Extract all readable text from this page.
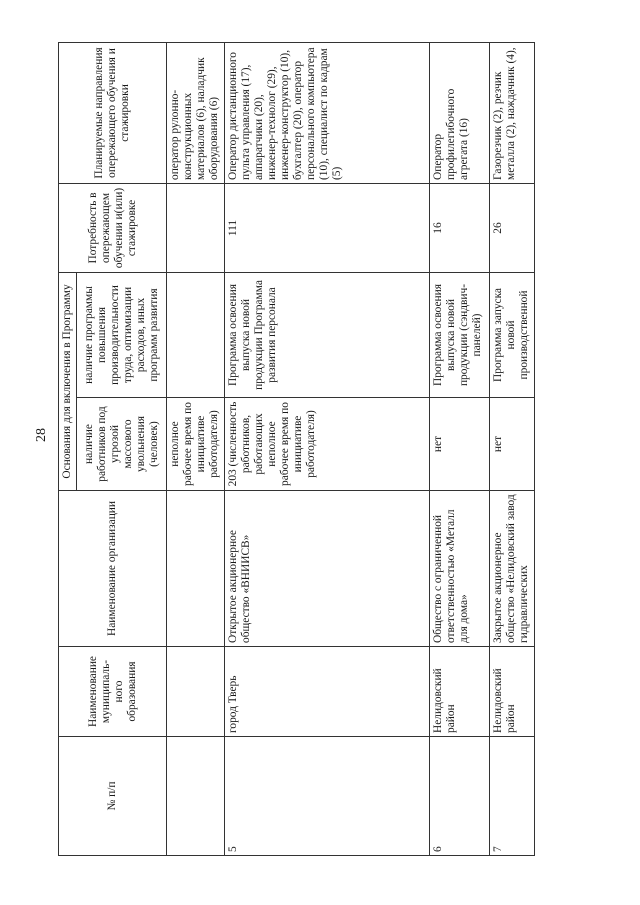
28
№ п/п	Наименование муниципаль-ного образования	Наименование организации	Основания для включения в Программу		Потребность в опережающем обучении и(или) стажировке	Планируемые направления опережающего обучения и стажировки
			наличие работников под угрозой массового увольнения (человек)	наличие программы повышения производительности труда, оптимизации расходов, иных программ развития		
			неполное рабочее время по инициативе работодателя)			оператор рулонно-конструкционных материалов (6), наладчик оборудования (6)
5	город Тверь	Открытое акционерное общество «ВНИИСВ»	203 (численность работников, работающих неполное рабочее время по инициативе работодателя)	Программа освоения выпуска новой продукции Программа развития персонала	111	Оператор дистанционного пульта управления (17), аппаратчики (20), инженер-технолог (29), инженер-конструктор (10), бухгалтер (20), оператор персонального компьютера (10), специалист по кадрам (5)
6	Нелидовский район	Общество с ограниченной ответственностью «Металл для дома»	нет	Программа освоения выпуска новой продукции (сэндвич-панелей)	16	Оператор профилегибочного агрегата (16)

7	Нелидовский район	Закрытое акционерное общество «Нелидовский завод гидравлических	нет	Программа запуска новой производственной	26	Газорезчик (2), резчик металла (2), наждачник (4),
